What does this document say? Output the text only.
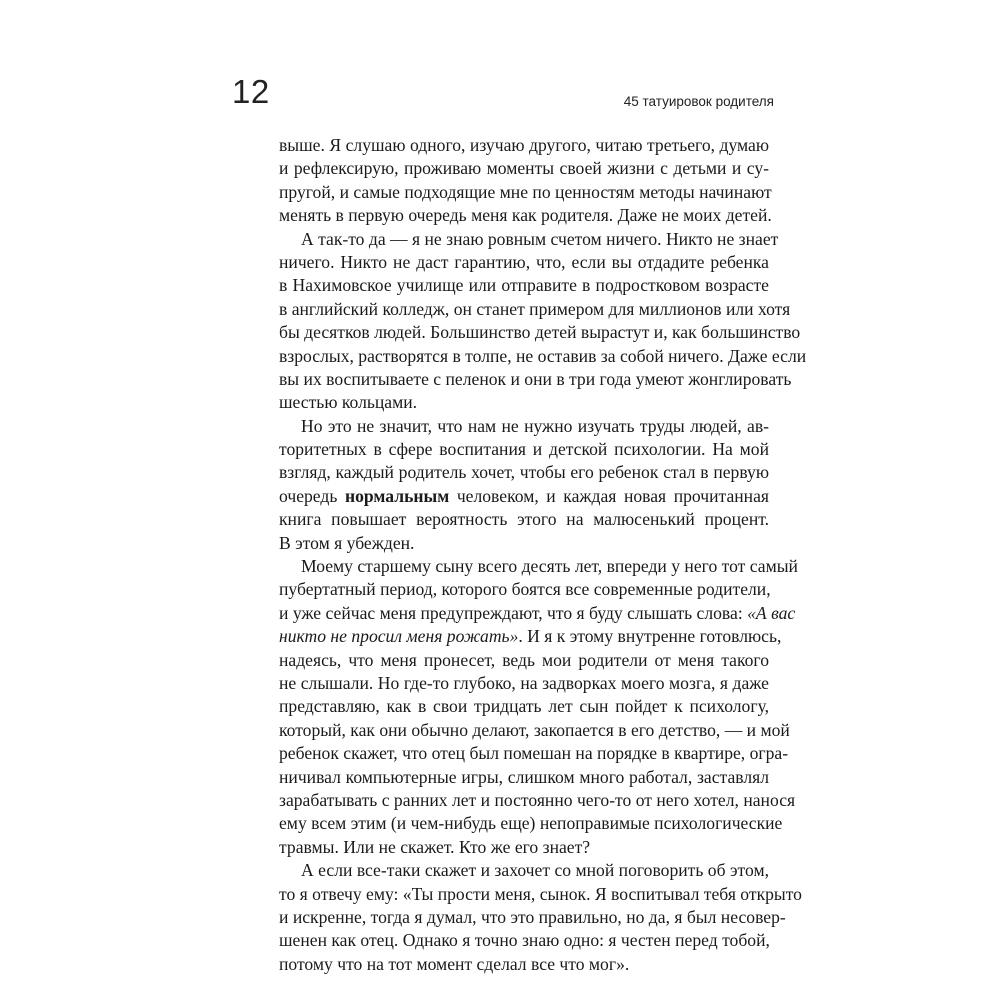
12	45 татуировок родителя
выше. Я слушаю одного, изучаю другого, читаю третьего, думаю
и рефлексирую, проживаю моменты своей жизни с детьми и су-
пругой, и самые подходящие мне по ценностям методы начинают
менять в первую очередь меня как родителя. Даже не моих детей.
А так-то да — я не знаю ровным счетом ничего. Никто не знает
ничего. Никто не даст гарантию, что, если вы отдадите ребенка
в Нахимовское училище или отправите в подростковом возрасте
в английский колледж, он станет примером для миллионов или хотя
бы десятков людей. Большинство детей вырастут и, как большинство
взрослых, растворятся в толпе, не оставив за собой ничего. Даже если
вы их воспитываете с пеленок и они в три года умеют жонглировать
шестью кольцами.
Но это не значит, что нам не нужно изучать труды людей, ав-
торитетных в сфере воспитания и детской психологии. На мой
взгляд, каждый родитель хочет, чтобы его ребенок стал в первую
очередь нормальным человеком, и каждая новая прочитанная
книга повышает вероятность этого на малюсенький процент.
В этом я убежден.
Моему старшему сыну всего десять лет, впереди у него тот самый
пубертатный период, которого боятся все современные родители,
и уже сейчас меня предупреждают, что я буду слышать слова: «А вас
никто не просил меня рожать». И я к этому внутренне готовлюсь,
надеясь, что меня пронесет, ведь мои родители от меня такого
не слышали. Но где-то глубоко, на задворках моего мозга, я даже
представляю, как в свои тридцать лет сын пойдет к психологу,
который, как они обычно делают, закопается в его детство, — и мой
ребенок скажет, что отец был помешан на порядке в квартире, огра-
ничивал компьютерные игры, слишком много работал, заставлял
зарабатывать с ранних лет и постоянно чего-то от него хотел, нанося
ему всем этим (и чем-нибудь еще) непоправимые психологические
травмы. Или не скажет. Кто же его знает?
А если все-таки скажет и захочет со мной поговорить об этом,
то я отвечу ему: «Ты прости меня, сынок. Я воспитывал тебя открыто
и искренне, тогда я думал, что это правильно, но да, я был несовер-
шенен как отец. Однако я точно знаю одно: я честен перед тобой,
потому что на тот момент сделал все что мог».
